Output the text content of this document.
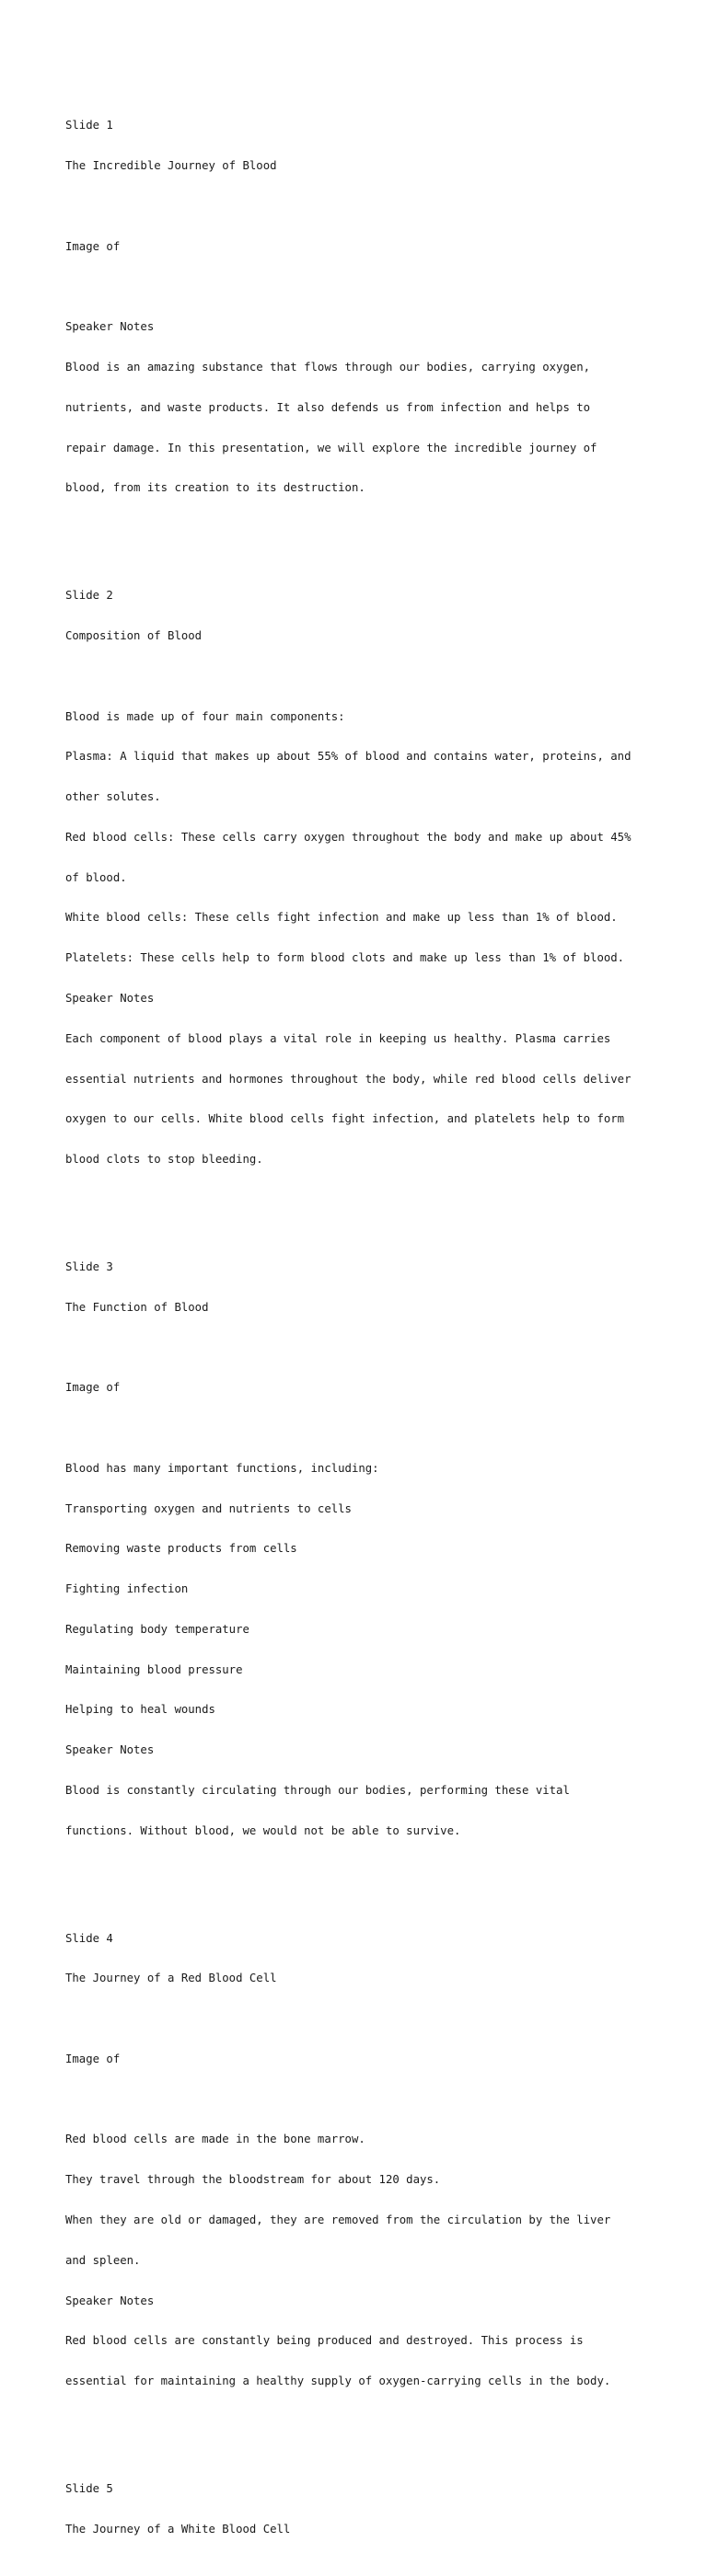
Slide 1

The Incredible Journey of Blood

Image of

Speaker Notes

Blood is an amazing substance that flows through our bodies, carrying oxygen,

nutrients, and waste products. It also defends us from infection and helps to

repair damage. In this presentation, we will explore the incredible journey of

blood, from its creation to its destruction.

Slide 2

Composition of Blood

Blood is made up of four main components:

Plasma: A liquid that makes up about 55% of blood and contains water, proteins, and

other solutes.

Red blood cells: These cells carry oxygen throughout the body and make up about 45%

of blood.

White blood cells: These cells fight infection and make up less than 1% of blood.

Platelets: These cells help to form blood clots and make up less than 1% of blood.

Speaker Notes

Each component of blood plays a vital role in keeping us healthy. Plasma carries

essential nutrients and hormones throughout the body, while red blood cells deliver

oxygen to our cells. White blood cells fight infection, and platelets help to form

blood clots to stop bleeding.

Slide 3

The Function of Blood

Image of

Blood has many important functions, including:

Transporting oxygen and nutrients to cells

Removing waste products from cells

Fighting infection

Regulating body temperature

Maintaining blood pressure

Helping to heal wounds

Speaker Notes

Blood is constantly circulating through our bodies, performing these vital

functions. Without blood, we would not be able to survive.

Slide 4

The Journey of a Red Blood Cell

Image of

Red blood cells are made in the bone marrow.

They travel through the bloodstream for about 120 days.

When they are old or damaged, they are removed from the circulation by the liver

and spleen.

Speaker Notes

Red blood cells are constantly being produced and destroyed. This process is

essential for maintaining a healthy supply of oxygen-carrying cells in the body.

Slide 5

The Journey of a White Blood Cell
